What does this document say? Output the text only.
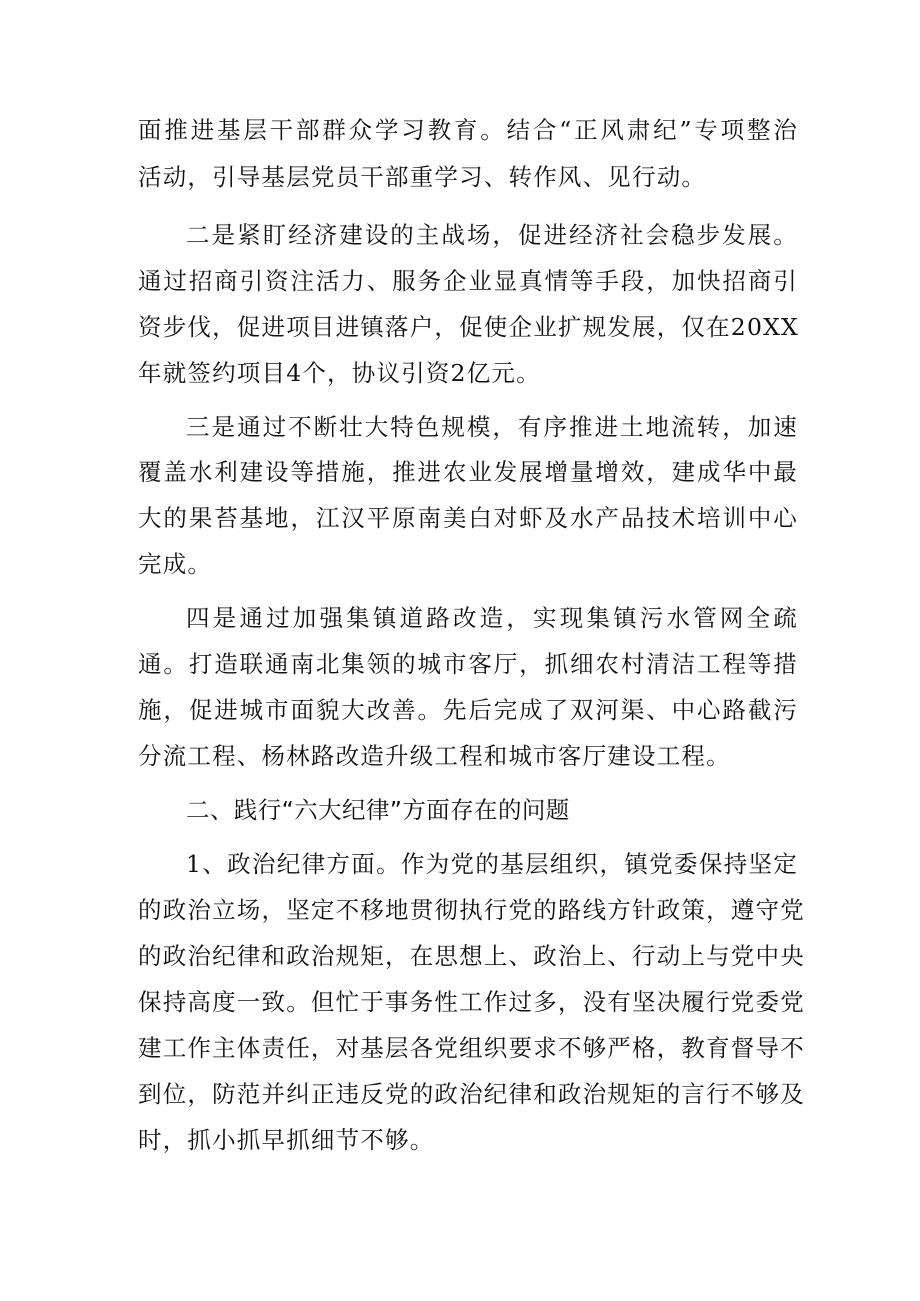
面推进基层干部群众学习教育。结合“正风肃纪”专项整治
活动，引导基层党员干部重学习、转作风、见行动。
二是紧盯经济建设的主战场，促进经济社会稳步发展。
通过招商引资注活力、服务企业显真情等手段，加快招商引
资步伐，促进项目进镇落户，促使企业扩规发展，仅在20XX
年就签约项目4个，协议引资2亿元。
三是通过不断壮大特色规模，有序推进土地流转，加速
覆盖水利建设等措施，推进农业发展增量增效，建成华中最
大的果苔基地，江汉平原南美白对虾及水产品技术培训中心
完成。
四是通过加强集镇道路改造，实现集镇污水管网全疏
通。打造联通南北集领的城市客厅，抓细农村清洁工程等措
施，促进城市面貌大改善。先后完成了双河渠、中心路截污
分流工程、杨林路改造升级工程和城市客厅建设工程。
二、践行“六大纪律”方面存在的问题
1、政治纪律方面。作为党的基层组织，镇党委保持坚定
的政治立场，坚定不移地贯彻执行党的路线方针政策，遵守党
的政治纪律和政治规矩，在思想上、政治上、行动上与党中央
保持高度一致。但忙于事务性工作过多，没有坚决履行党委党
建工作主体责任，对基层各党组织要求不够严格，教育督导不
到位，防范并纠正违反党的政治纪律和政治规矩的言行不够及
时，抓小抓早抓细节不够。
